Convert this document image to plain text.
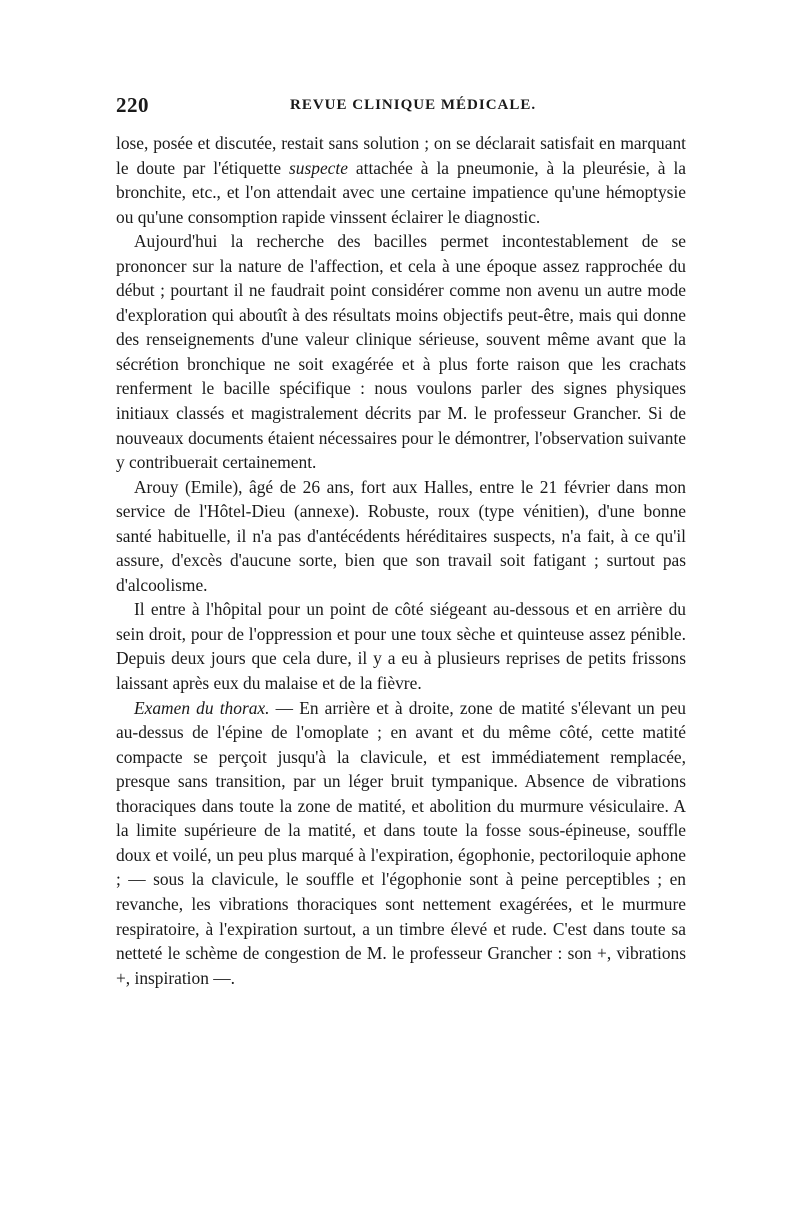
220	REVUE CLINIQUE MÉDICALE.

lose, posée et discutée, restait sans solution ; on se déclarait satisfait en marquant le doute par l'étiquette suspecte attachée à la pneumonie, à la pleurésie, à la bronchite, etc., et l'on attendait avec une certaine impatience qu'une hémoptysie ou qu'une consomption rapide vinssent éclairer le diagnostic.

Aujourd'hui la recherche des bacilles permet incontestablement de se prononcer sur la nature de l'affection, et cela à une époque assez rapprochée du début ; pourtant il ne faudrait point considérer comme non avenu un autre mode d'exploration qui aboutît à des résultats moins objectifs peut-être, mais qui donne des renseignements d'une valeur clinique sérieuse, souvent même avant que la sécrétion bronchique ne soit exagérée et à plus forte raison que les crachats renferment le bacille spécifique : nous voulons parler des signes physiques initiaux classés et magistralement décrits par M. le professeur Grancher. Si de nouveaux documents étaient nécessaires pour le démontrer, l'observation suivante y contribuerait certainement.

Arouy (Emile), âgé de 26 ans, fort aux Halles, entre le 21 février dans mon service de l'Hôtel-Dieu (annexe). Robuste, roux (type vénitien), d'une bonne santé habituelle, il n'a pas d'antécédents héréditaires suspects, n'a fait, à ce qu'il assure, d'excès d'aucune sorte, bien que son travail soit fatigant ; surtout pas d'alcoolisme.

Il entre à l'hôpital pour un point de côté siégeant au-dessous et en arrière du sein droit, pour de l'oppression et pour une toux sèche et quinteuse assez pénible. Depuis deux jours que cela dure, il y a eu à plusieurs reprises de petits frissons laissant après eux du malaise et de la fièvre.

Examen du thorax. — En arrière et à droite, zone de matité s'élevant un peu au-dessus de l'épine de l'omoplate ; en avant et du même côté, cette matité compacte se perçoit jusqu'à la clavicule, et est immédiatement remplacée, presque sans transition, par un léger bruit tympanique. Absence de vibrations thoraciques dans toute la zone de matité, et abolition du murmure vésiculaire. A la limite supérieure de la matité, et dans toute la fosse sous-épineuse, souffle doux et voilé, un peu plus marqué à l'expiration, égophonie, pectoriloquie aphone ; — sous la clavicule, le souffle et l'égophonie sont à peine perceptibles ; en revanche, les vibrations thoraciques sont nettement exagérées, et le murmure respiratoire, à l'expiration surtout, a un timbre élevé et rude. C'est dans toute sa netteté le schème de congestion de M. le professeur Grancher : son +, vibrations +, inspiration —.
